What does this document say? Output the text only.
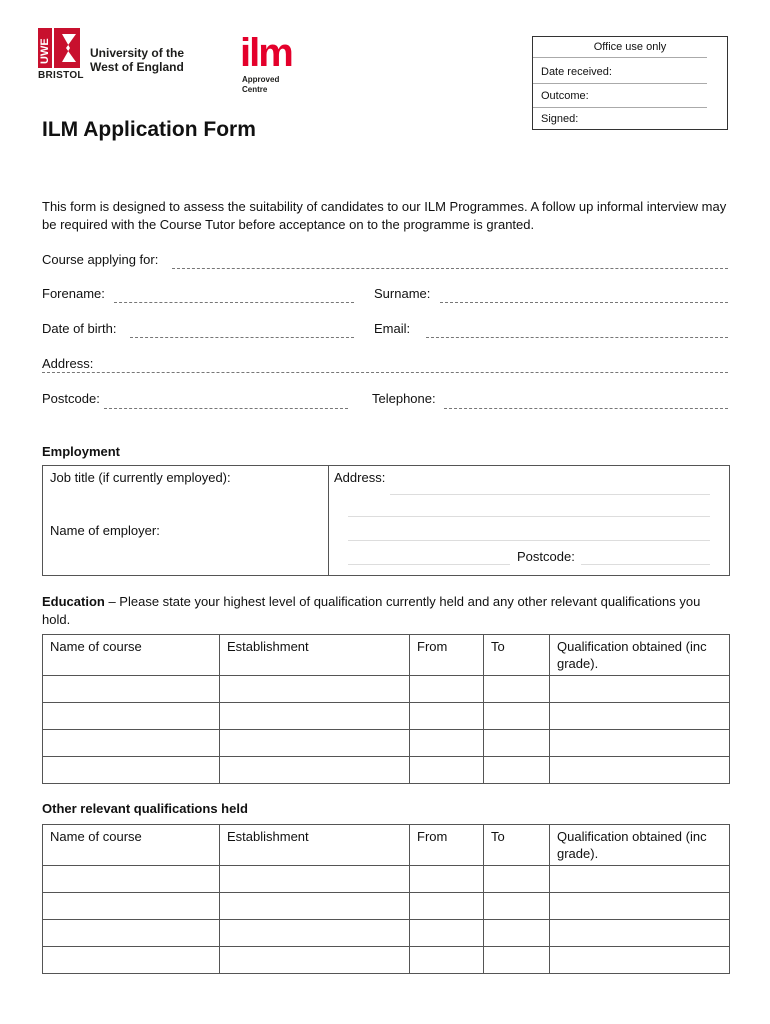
UWE	University of the
West of England
BRISTOL
ilm
Approved
Centre
Office use only
Date received:
Outcome:
Signed:
ILM Application Form
This form is designed to assess the suitability of candidates to our ILM Programmes. A follow up informal interview may be required with the Course Tutor before acceptance on to the programme is granted.
Course applying for:
Forename:	Surname:
Date of birth:	Email:
Address:
Postcode:	Telephone:
Employment
Job title (if currently employed):
Name of employer:
Address:
Postcode:
Education – Please state your highest level of qualification currently held and any other relevant qualifications you hold.
Name of course	Establishment	From	To	Qualification obtained (inc grade).

Other relevant qualifications held
Name of course	Establishment	From	To	Qualification obtained (inc grade).
